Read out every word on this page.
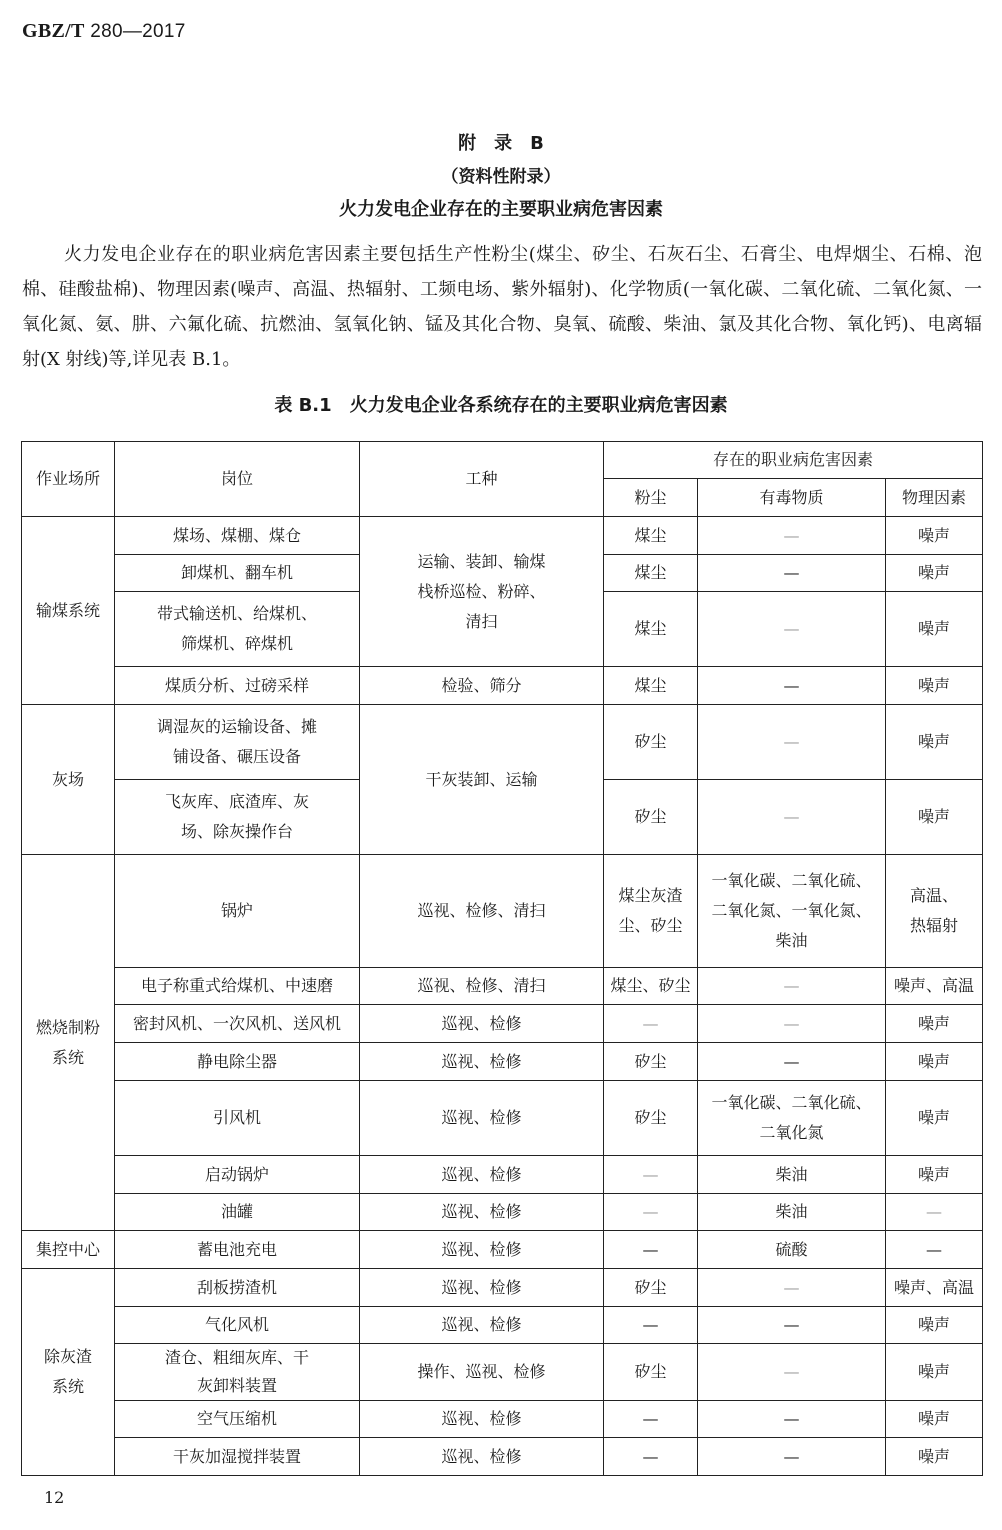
GBZ/T 280—2017
附　录　B
（资料性附录）
火力发电企业存在的主要职业病危害因素

火力发电企业存在的职业病危害因素主要包括生产性粉尘(煤尘、矽尘、石灰石尘、石膏尘、电焊烟尘、石棉、泡棉、硅酸盐棉)、物理因素(噪声、高温、热辐射、工频电场、紫外辐射)、化学物质(一氧化碳、二氧化硫、二氧化氮、一氧化氮、氨、肼、六氟化硫、抗燃油、氢氧化钠、锰及其化合物、臭氧、硫酸、柴油、氯及其化合物、氧化钙)、电离辐射(X 射线)等,详见表 B.1。

表 B.1　火力发电企业各系统存在的主要职业病危害因素
作业场所	岗位	工种	存在的职业病危害因素		
			粉尘	有毒物质	物理因素
输煤系统	煤场、煤棚、煤仓	运输、装卸、输煤栈桥巡检、粉碎、清扫	煤尘	—	噪声
	卸煤机、翻车机		煤尘	—	噪声
	带式输送机、给煤机、筛煤机、碎煤机		煤尘	—	噪声
	煤质分析、过磅采样	检验、筛分	煤尘	—	噪声
灰场	调湿灰的运输设备、摊铺设备、碾压设备	干灰装卸、运输	矽尘	—	噪声
	飞灰库、底渣库、灰场、除灰操作台		矽尘	—	噪声
燃烧制粉系统	锅炉	巡视、检修、清扫	煤尘灰渣尘、矽尘	一氧化碳、二氧化硫、二氧化氮、一氧化氮、柴油	高温、热辐射
	电子称重式给煤机、中速磨	巡视、检修、清扫	煤尘、矽尘	—	噪声、高温
	密封风机、一次风机、送风机	巡视、检修	—	—	噪声
	静电除尘器	巡视、检修	矽尘	—	噪声
	引风机	巡视、检修	矽尘	一氧化碳、二氧化硫、二氧化氮	噪声
	启动锅炉	巡视、检修	—	柴油	噪声
	油罐	巡视、检修	—	柴油	—
集控中心	蓄电池充电	巡视、检修	—	硫酸	—
除灰渣系统	刮板捞渣机	巡视、检修	矽尘	—	噪声、高温
	气化风机	巡视、检修	—	—	噪声
	渣仓、粗细灰库、干灰卸料装置	操作、巡视、检修	矽尘	—	噪声
	空气压缩机	巡视、检修	—	—	噪声
	干灰加湿搅拌装置	巡视、检修	—	—	噪声
12
